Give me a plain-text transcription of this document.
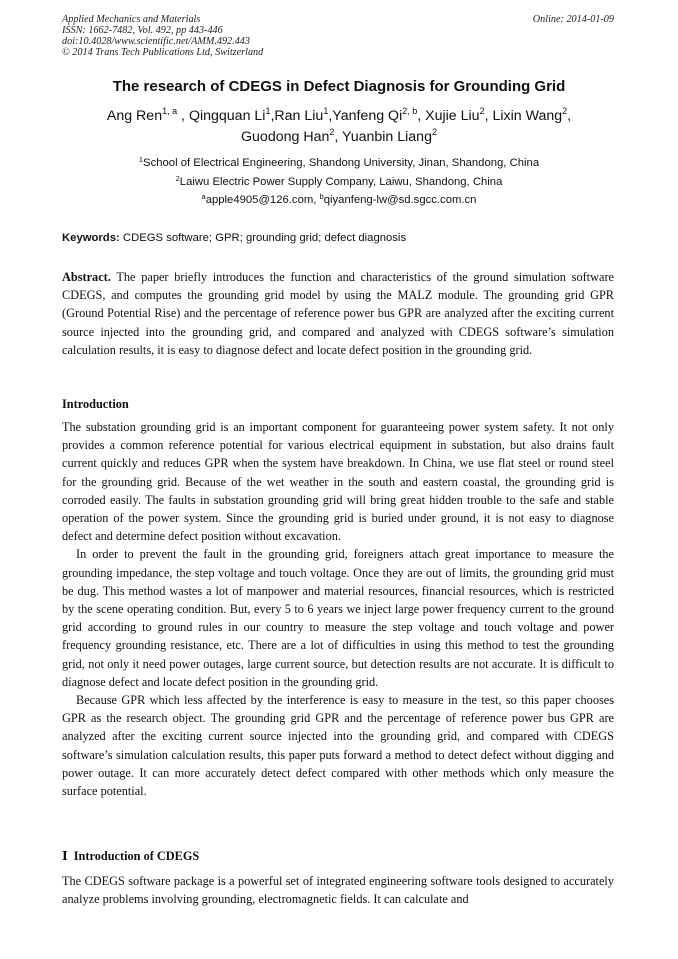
Applied Mechanics and Materials
ISSN: 1662-7482, Vol. 492, pp 443-446
doi:10.4028/www.scientific.net/AMM.492.443
© 2014 Trans Tech Publications Ltd, Switzerland
Online: 2014-01-09
The research of CDEGS in Defect Diagnosis for Grounding Grid
Ang Ren$^{1, a}$ , Qingquan Li$^1$,Ran Liu$^1$,Yanfeng Qi$^{2, b}$, Xujie Liu$^2$, Lixin Wang$^2$,
Guodong Han$^2$, Yuanbin Liang$^2$
$^1$School of Electrical Engineering, Shandong University, Jinan, Shandong, China
$^2$Laiwu Electric Power Supply Company, Laiwu, Shandong, China
$^a$apple4905@126.com, $^b$qiyanfeng-lw@sd.sgcc.com.cn
Keywords: CDEGS software; GPR; grounding grid; defect diagnosis

Abstract. The paper briefly introduces the function and characteristics of the ground simulation software CDEGS, and computes the grounding grid model by using the MALZ module. The grounding grid GPR (Ground Potential Rise) and the percentage of reference power bus GPR are analyzed after the exciting current source injected into the grounding grid, and compared and analyzed with CDEGS software’s simulation calculation results, it is easy to diagnose defect and locate defect position in the grounding grid.

Introduction

The substation grounding grid is an important component for guaranteeing power system safety. It not only provides a common reference potential for various electrical equipment in substation, but also drains fault current quickly and reduces GPR when the system have breakdown. In China, we use flat steel or round steel for the grounding grid. Because of the wet weather in the south and eastern coastal, the grounding grid is corroded easily. The faults in substation grounding grid will bring great hidden trouble to the safe and stable operation of the power system. Since the grounding grid is buried under ground, it is not easy to diagnose defect and determine defect position without excavation.

In order to prevent the fault in the grounding grid, foreigners attach great importance to measure the grounding impedance, the step voltage and touch voltage. Once they are out of limits, the grounding grid must be dug. This method wastes a lot of manpower and material resources, financial resources, which is restricted by the scene operating condition. But, every 5 to 6 years we inject large power frequency current to the ground grid according to ground rules in our country to measure the step voltage and touch voltage and power frequency grounding resistance, etc. There are a lot of difficulties in using this method to test the grounding grid, not only it need power outages, large current source, but detection results are not accurate. It is difficult to diagnose defect and locate defect position in the grounding grid.

Because GPR which less affected by the interference is easy to measure in the test, so this paper chooses GPR as the research object. The grounding grid GPR and the percentage of reference power bus GPR are analyzed after the exciting current source injected into the grounding grid, and compared with CDEGS software’s simulation calculation results, this paper puts forward a method to detect defect without digging and power outage. It can more accurately detect defect compared with other methods which only measure the surface potential.

Ⅰ Introduction of CDEGS

The CDEGS software package is a powerful set of integrated engineering software tools designed to accurately analyze problems involving grounding, electromagnetic fields. It can calculate and
